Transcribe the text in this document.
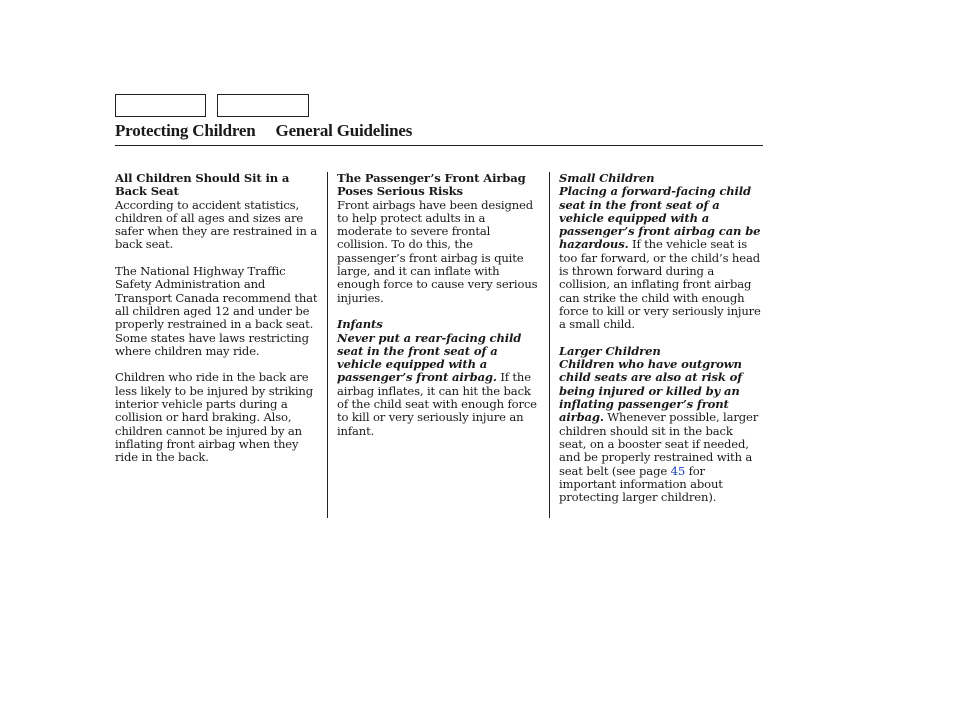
Protecting Children General Guidelines

All Children Should Sit in a Back Seat

According to accident statistics, children of all ages and sizes are safer when they are restrained in a back seat.

The National Highway Traffic Safety Administration and Transport Canada recommend that all children aged 12 and under be properly restrained in a back seat. Some states have laws restricting where children may ride.

Children who ride in the back are less likely to be injured by striking interior vehicle parts during a collision or hard braking. Also, children cannot be injured by an inflating front airbag when they ride in the back.

The Passenger’s Front Airbag Poses Serious Risks

Front airbags have been designed to help protect adults in a moderate to severe frontal collision. To do this, the passenger’s front airbag is quite large, and it can inflate with enough force to cause very serious injuries.

Infants

Never put a rear-facing child seat in the front seat of a vehicle equipped with a passenger’s front airbag. If the airbag inflates, it can hit the back of the child seat with enough force to kill or very seriously injure an infant.

Small Children

Placing a forward-facing child seat in the front seat of a vehicle equipped with a passenger’s front airbag can be hazardous. If the vehicle seat is too far forward, or the child’s head is thrown forward during a collision, an inflating front airbag can strike the child with enough force to kill or very seriously injure a small child.

Larger Children

Children who have outgrown child seats are also at risk of being injured or killed by an inflating passenger’s front airbag. Whenever possible, larger children should sit in the back seat, on a booster seat if needed, and be properly restrained with a seat belt (see page 45 for important information about protecting larger children).
